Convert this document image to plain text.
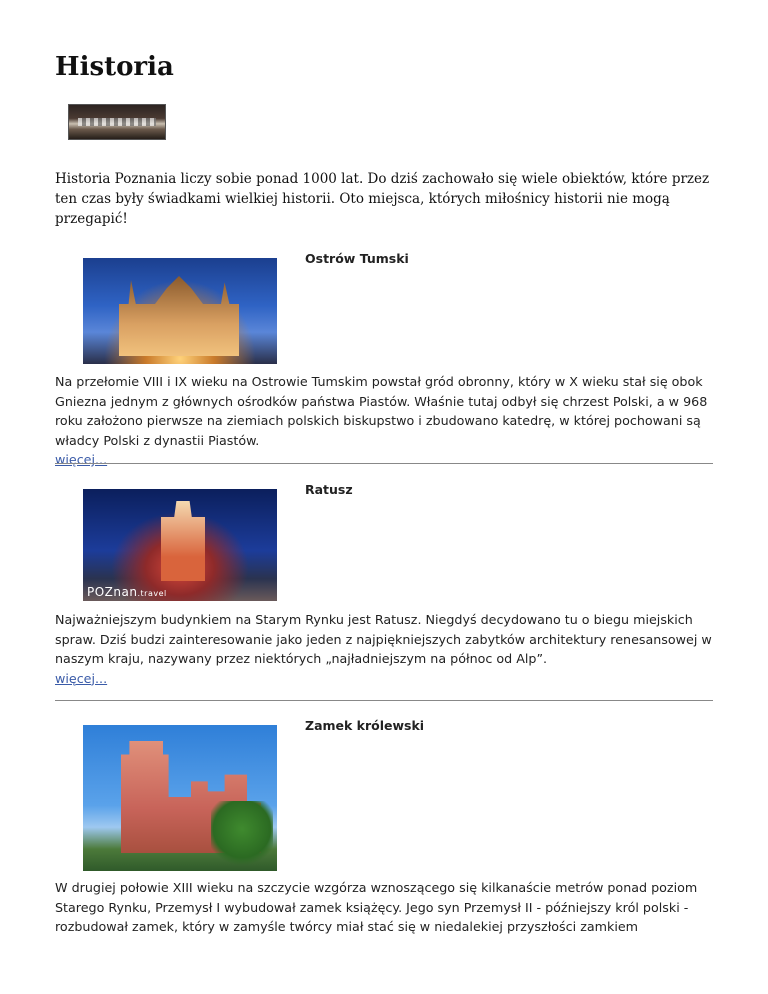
Historia

Historia Poznania liczy sobie ponad 1000 lat. Do dziś zachowało się wiele obiektów, które przez ten czas były świadkami wielkiej historii. Oto miejsca, których miłośnicy historii nie mogą przegapić!

Ostrów Tumski
Na przełomie VIII i IX wieku na Ostrowie Tumskim powstał gród obronny, który w X wieku stał się obok Gniezna jednym z głównych ośrodków państwa Piastów. Właśnie tutaj odbył się chrzest Polski, a w 968 roku założono pierwsze na ziemiach polskich biskupstwo i zbudowano katedrę, w której pochowani są władcy Polski z dynastii Piastów.
więcej...
POZnan.travel
Ratusz
Najważniejszym budynkiem na Starym Rynku jest Ratusz. Niegdyś decydowano tu o biegu miejskich spraw. Dziś budzi zainteresowanie jako jeden z najpiękniejszych zabytków architektury renesansowej w naszym kraju, nazywany przez niektórych „najładniejszym na północ od Alp”.
więcej...
Zamek królewski
W drugiej połowie XIII wieku na szczycie wzgórza wznoszącego się kilkanaście metrów ponad poziom Starego Rynku, Przemysł I wybudował zamek książęcy. Jego syn Przemysł II - późniejszy król polski - rozbudował zamek, który w zamyśle twórcy miał stać się w niedalekiej przyszłości zamkiem
